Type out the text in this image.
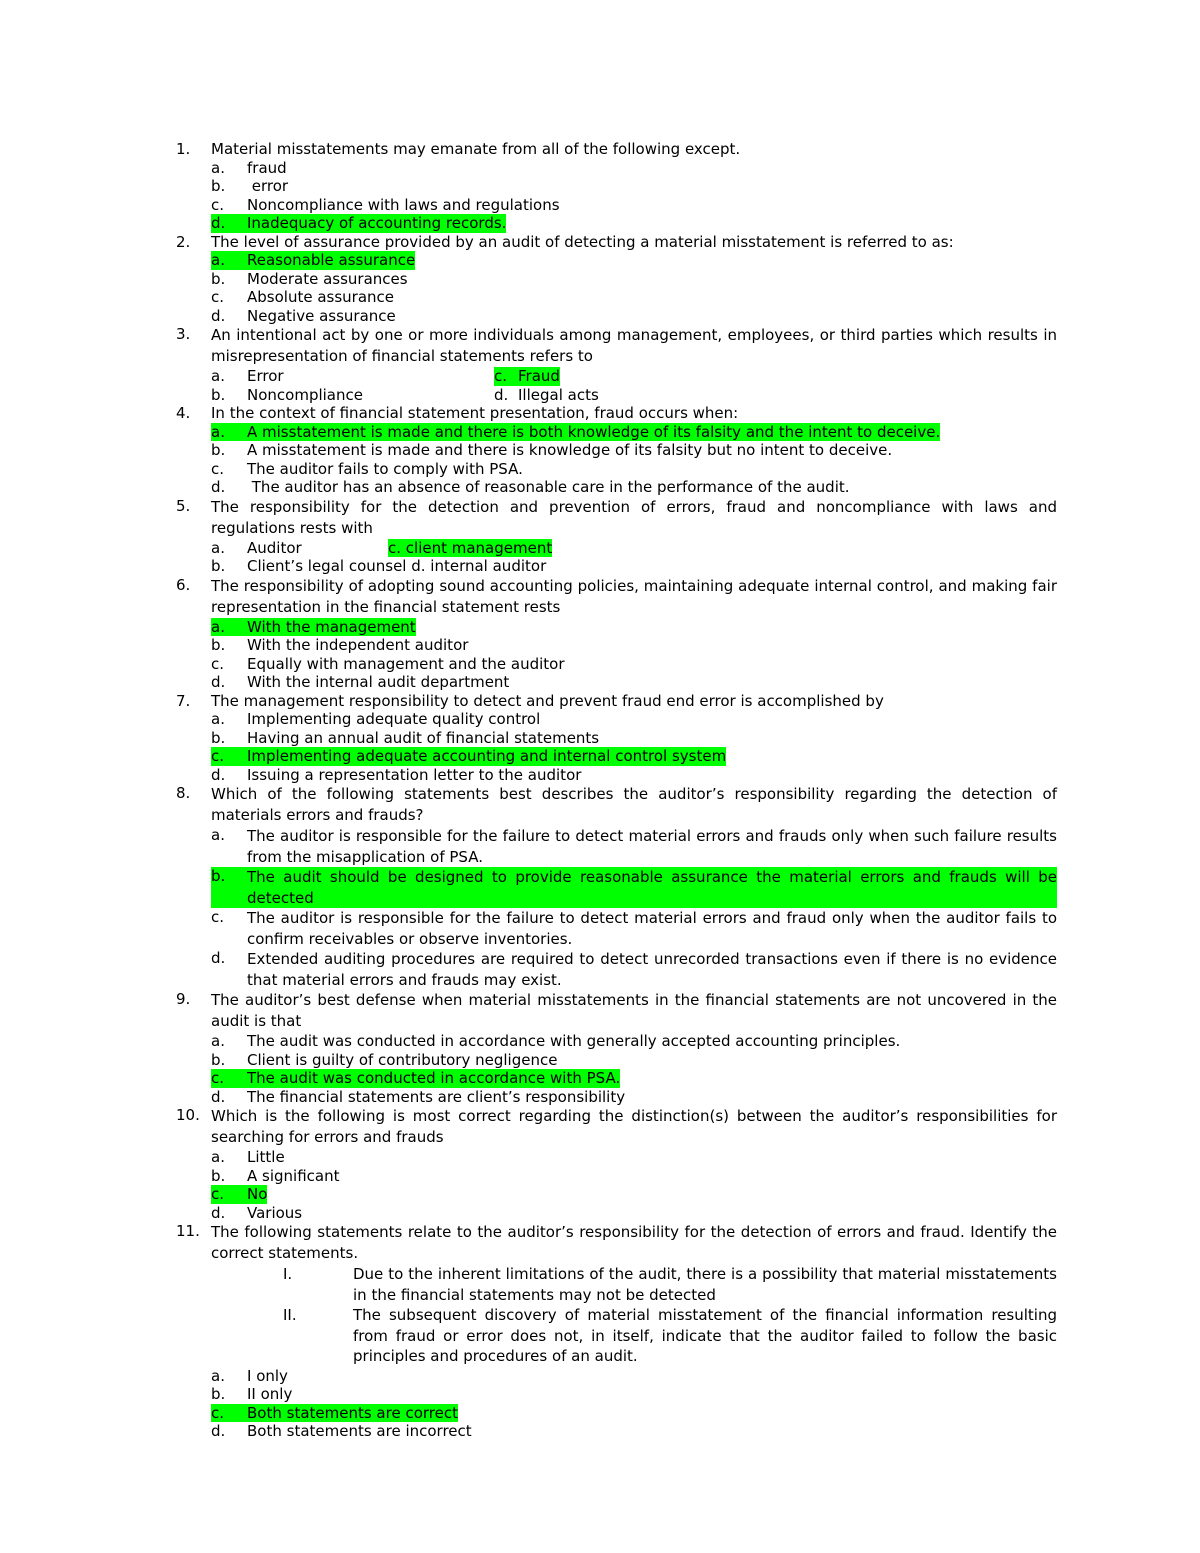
1. Material misstatements may emanate from all of the following except.
a.	fraud
b.	error
c.	Noncompliance with laws and regulations
d.	Inadequacy of accounting records.
2. The level of assurance provided by an audit of detecting a material misstatement is referred to as:
a.	Reasonable assurance
b.	Moderate assurances
c.	Absolute assurance
d.	Negative assurance
3. An intentional act by one or more individuals among management, employees, or third parties which results in misrepresentation of financial statements refers to
a.	Error	c. Fraud
b.	Noncompliance	d. Illegal acts
4. In the context of financial statement presentation, fraud occurs when:
a.	A misstatement is made and there is both knowledge of its falsity and the intent to deceive.
b.	A misstatement is made and there is knowledge of its falsity but no intent to deceive.
c.	The auditor fails to comply with PSA.
d.	The auditor has an absence of reasonable care in the performance of the audit.
5. The responsibility for the detection and prevention of errors, fraud and noncompliance with laws and regulations rests with
a.	Auditor	c. client management
b.	Client’s legal counsel d. internal auditor
6. The responsibility of adopting sound accounting policies, maintaining adequate internal control, and making fair representation in the financial statement rests
a.	With the management
b.	With the independent auditor
c.	Equally with management and the auditor
d.	With the internal audit department
7. The management responsibility to detect and prevent fraud end error is accomplished by
a.	Implementing adequate quality control
b.	Having an annual audit of financial statements
c.	Implementing adequate accounting and internal control system
d.	Issuing a representation letter to the auditor
8. Which of the following statements best describes the auditor’s responsibility regarding the detection of materials errors and frauds?
a.	The auditor is responsible for the failure to detect material errors and frauds only when such failure results from the misapplication of PSA.
b.	The audit should be designed to provide reasonable assurance the material errors and frauds will be detected
c.	The auditor is responsible for the failure to detect material errors and fraud only when the auditor fails to confirm receivables or observe inventories.
d.	Extended auditing procedures are required to detect unrecorded transactions even if there is no evidence that material errors and frauds may exist.
9. The auditor’s best defense when material misstatements in the financial statements are not uncovered in the audit is that
a.	The audit was conducted in accordance with generally accepted accounting principles.
b.	Client is guilty of contributory negligence
c.	The audit was conducted in accordance with PSA.
d.	The financial statements are client’s responsibility
10. Which is the following is most correct regarding the distinction(s) between the auditor’s responsibilities for searching for errors and frauds
a.	Little
b.	A significant
c.	No
d.	Various
11. The following statements relate to the auditor’s responsibility for the detection of errors and fraud. Identify the correct statements.
I.	Due to the inherent limitations of the audit, there is a possibility that material misstatements in the financial statements may not be detected
II.	The subsequent discovery of material misstatement of the financial information resulting from fraud or error does not, in itself, indicate that the auditor failed to follow the basic principles and procedures of an audit.
a.	I only
b.	II only
c.	Both statements are correct
d.	Both statements are incorrect
